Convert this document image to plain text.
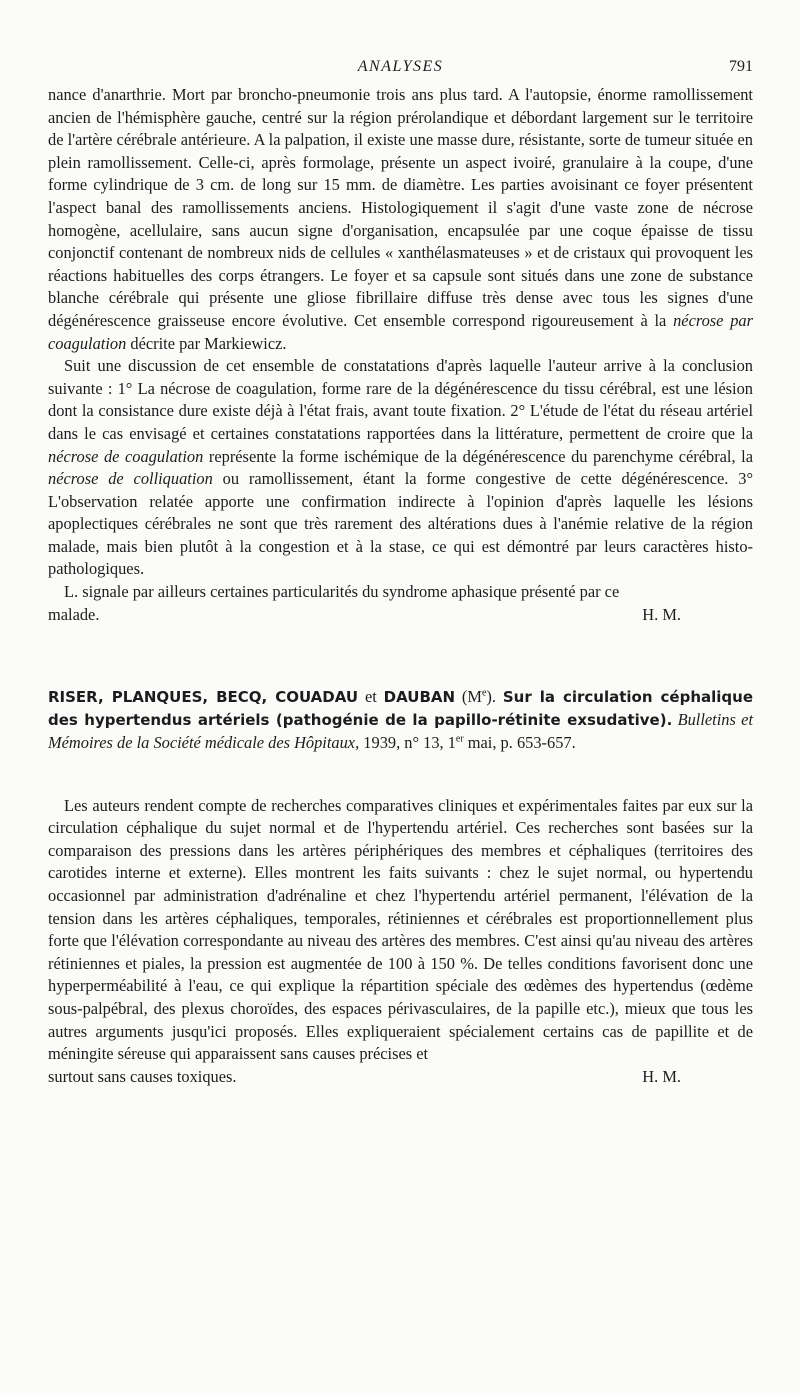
ANALYSES	791

nance d'anarthrie. Mort par broncho-pneumonie trois ans plus tard. A l'autopsie, énorme ramollissement ancien de l'hémisphère gauche, centré sur la région prérolandique et débordant largement sur le territoire de l'artère cérébrale antérieure. A la palpation, il existe une masse dure, résistante, sorte de tumeur située en plein ramollissement. Celle-ci, après formolage, présente un aspect ivoiré, granulaire à la coupe, d'une forme cylindrique de 3 cm. de long sur 15 mm. de diamètre. Les parties avoisinant ce foyer présentent l'aspect banal des ramollissements anciens. Histologiquement il s'agit d'une vaste zone de nécrose homogène, acellulaire, sans aucun signe d'organisation, encapsulée par une coque épaisse de tissu conjonctif contenant de nombreux nids de cellules « xanthélasmateuses » et de cristaux qui provoquent les réactions habituelles des corps étrangers. Le foyer et sa capsule sont situés dans une zone de substance blanche cérébrale qui présente une gliose fibrillaire diffuse très dense avec tous les signes d'une dégénérescence graisseuse encore évolutive. Cet ensemble correspond rigoureusement à la nécrose par coagulation décrite par Markiewicz.

Suit une discussion de cet ensemble de constatations d'après laquelle l'auteur arrive à la conclusion suivante : 1° La nécrose de coagulation, forme rare de la dégénérescence du tissu cérébral, est une lésion dont la consistance dure existe déjà à l'état frais, avant toute fixation. 2° L'étude de l'état du réseau artériel dans le cas envisagé et certaines constatations rapportées dans la littérature, permettent de croire que la nécrose de coagulation représente la forme ischémique de la dégénérescence du parenchyme cérébral, la nécrose de colliquation ou ramollissement, étant la forme congestive de cette dégénérescence. 3° L'observation relatée apporte une confirmation indirecte à l'opinion d'après laquelle les lésions apoplectiques cérébrales ne sont que très rarement des altérations dues à l'anémie relative de la région malade, mais bien plutôt à la congestion et à la stase, ce qui est démontré par leurs caractères histo-pathologiques.

L. signale par ailleurs certaines particularités du syndrome aphasique présenté par ce

malade.	H. M.

RISER, PLANQUES, BECQ, COUADAU et DAUBAN (Me). Sur la circulation céphalique des hypertendus artériels (pathogénie de la papillo-rétinite exsudative). Bulletins et Mémoires de la Société médicale des Hôpitaux, 1939, n° 13, 1er mai, p. 653-657.

Les auteurs rendent compte de recherches comparatives cliniques et expérimentales faites par eux sur la circulation céphalique du sujet normal et de l'hypertendu artériel. Ces recherches sont basées sur la comparaison des pressions dans les artères périphériques des membres et céphaliques (territoires des carotides interne et externe). Elles montrent les faits suivants : chez le sujet normal, ou hypertendu occasionnel par administration d'adrénaline et chez l'hypertendu artériel permanent, l'élévation de la tension dans les artères céphaliques, temporales, rétiniennes et cérébrales est proportionnellement plus forte que l'élévation correspondante au niveau des artères des membres. C'est ainsi qu'au niveau des artères rétiniennes et piales, la pression est augmentée de 100 à 150 %. De telles conditions favorisent donc une hyperperméabilité à l'eau, ce qui explique la répartition spéciale des œdèmes des hypertendus (œdème sous-palpébral, des plexus choroïdes, des espaces périvasculaires, de la papille etc.), mieux que tous les autres arguments jusqu'ici proposés. Elles expliqueraient spécialement certains cas de papillite et de méningite séreuse qui apparaissent sans causes précises et

surtout sans causes toxiques.	H. M.
